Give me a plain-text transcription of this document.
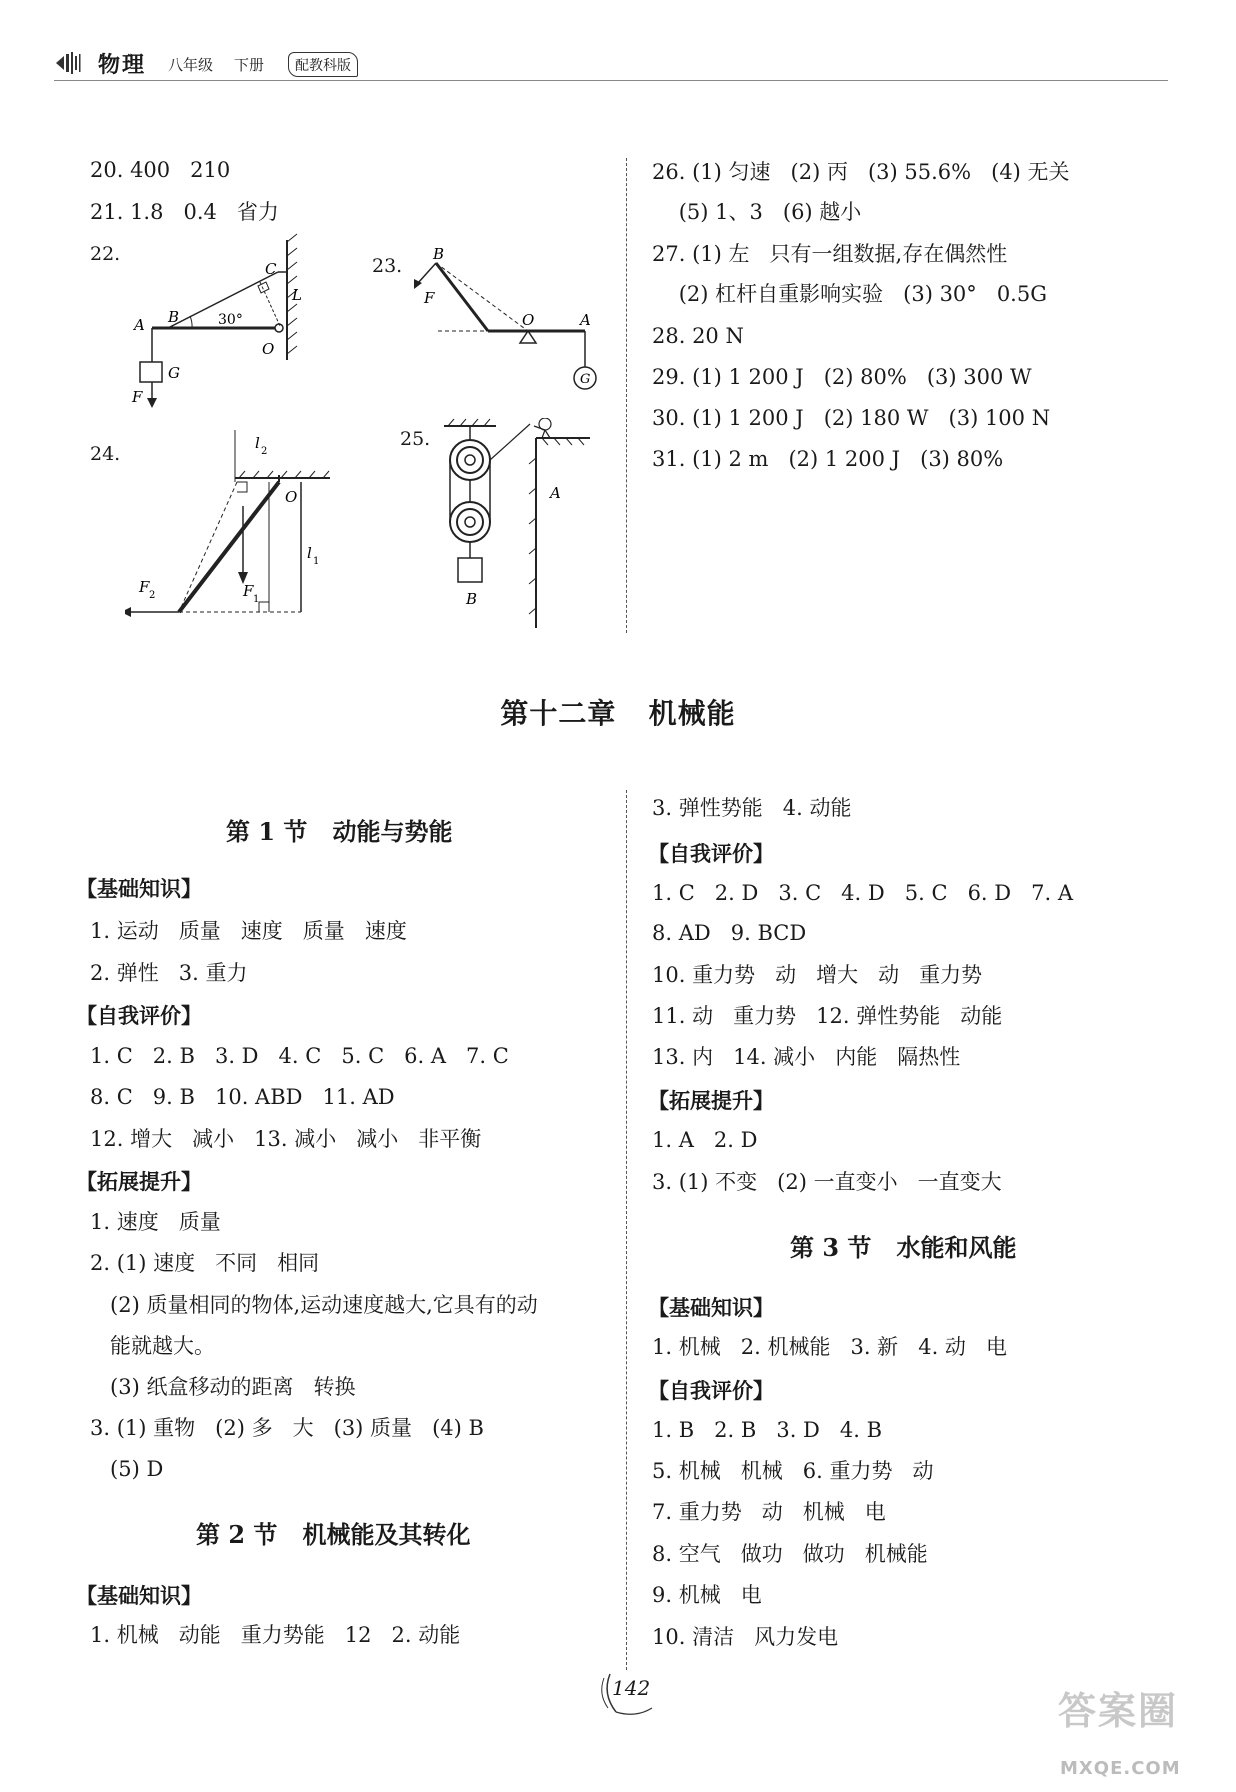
物理 八年级 下册	配教科版
20. 400   210
21. 1.8   0.4   省力
22.
23.
24.
25.
C
L
A B	30°
O
G
F
B
F
O	A
G
l 2
O
l 1
F 2	F 1
A
B
26. (1) 匀速   (2) 丙   (3) 55.6%   (4) 无关
(5) 1、3   (6) 越小
27. (1) 左   只有一组数据,存在偶然性
(2) 杠杆自重影响实验   (3) 30°   0.5G
28. 20 N
29. (1) 1 200 J   (2) 80%   (3) 300 W
30. (1) 1 200 J   (2) 180 W   (3) 100 N
31. (1) 2 m   (2) 1 200 J   (3) 80%
第十二章   机械能
第 1 节   动能与势能
【基础知识】
1. 运动   质量   速度   质量   速度
2. 弹性   3. 重力
【自我评价】
1. C   2. B   3. D   4. C   5. C   6. A   7. C
8. C   9. B   10. ABD   11. AD
12. 增大   减小   13. 减小   减小   非平衡
【拓展提升】
1. 速度   质量
2. (1) 速度   不同   相同
(2) 质量相同的物体,运动速度越大,它具有的动
能就越大。
(3) 纸盒移动的距离   转换
3. (1) 重物   (2) 多   大   (3) 质量   (4) B
(5) D
第 2 节   机械能及其转化
【基础知识】
1. 机械   动能   重力势能   12   2. 动能
3. 弹性势能   4. 动能
【自我评价】
1. C   2. D   3. C   4. D   5. C   6. D   7. A
8. AD   9. BCD
10. 重力势   动   增大   动   重力势
11. 动   重力势   12. 弹性势能   动能
13. 内   14. 减小   内能   隔热性
【拓展提升】
1. A   2. D
3. (1) 不变   (2) 一直变小   一直变大
第 3 节   水能和风能
【基础知识】
1. 机械   2. 机械能   3. 新   4. 动   电
【自我评价】
1. B   2. B   3. D   4. B
5. 机械   机械   6. 重力势   动
7. 重力势   动   机械   电
8. 空气   做功   做功   机械能
9. 机械   电
10. 清洁   风力发电
142
答案圈
MXQE.COM
